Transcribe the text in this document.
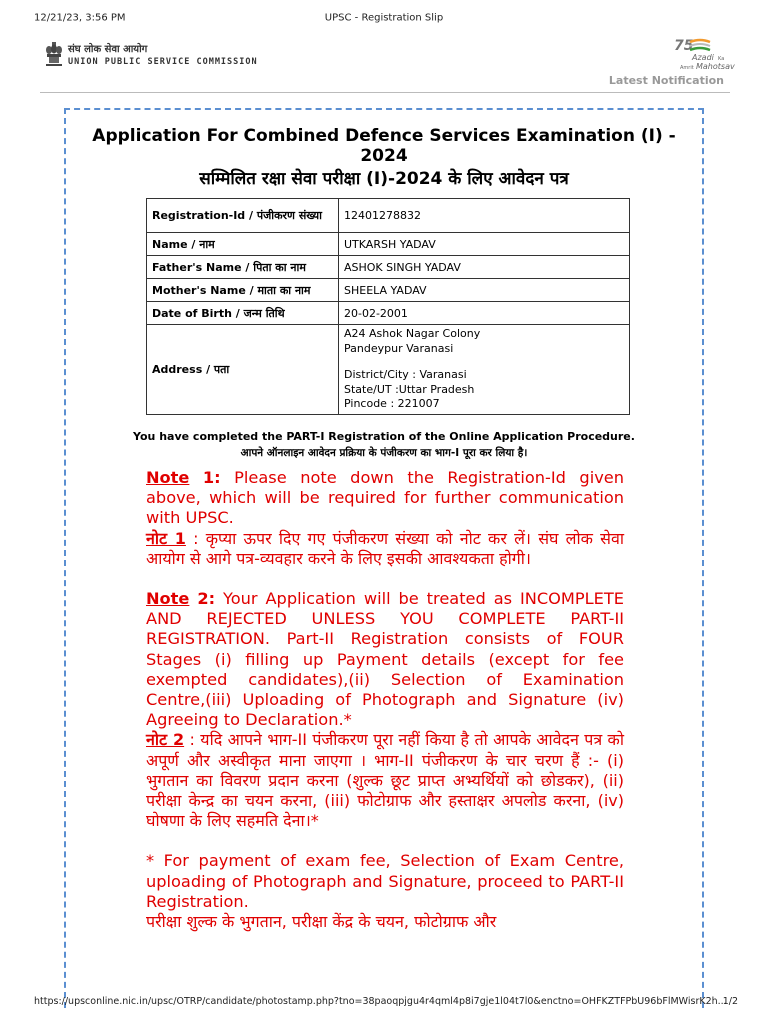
12/21/23, 3:56 PM	UPSC - Registration Slip
संघ लोक सेवा आयोग
UNION PUBLIC SERVICE COMMISSION
75
Azadi Ka
Amrit Mahotsav
Latest Notification
Application For Combined Defence Services Examination (I) - 2024
सम्मिलित रक्षा सेवा परीक्षा (I)-2024 के लिए आवेदन पत्र
Registration-Id / पंजीकरण संख्या	12401278832
Name / नाम	UTKARSH YADAV
Father's Name / पिता का नाम	ASHOK SINGH YADAV
Mother's Name / माता का नाम	SHEELA YADAV
Date of Birth / जन्म तिथि	20-02-2001
Address / पता	A24 Ashok Nagar Colony
Pandeypur Varanasi
District/City : Varanasi
State/UT :Uttar Pradesh
Pincode : 221007
You have completed the PART-I Registration of the Online Application Procedure.
आपने ऑनलाइन आवेदन प्रक्रिया के पंजीकरण का भाग-I पूरा कर लिया है।

Note 1: Please note down the Registration-Id given above, which will be required for further communication with UPSC.

नोट 1 : कृप्या ऊपर दिए गए पंजीकरण संख्या को नोट कर लें। संघ लोक सेवा आयोग से आगे पत्र-व्यवहार करने के लिए इसकी आवश्यकता होगी।

Note 2: Your Application will be treated as INCOMPLETE AND REJECTED UNLESS YOU COMPLETE PART-II REGISTRATION. Part-II Registration consists of FOUR Stages (i) filling up Payment details (except for fee exempted candidates),(ii) Selection of Examination Centre,(iii) Uploading of Photograph and Signature (iv) Agreeing to Declaration.*

नोट 2 : यदि आपने भाग-II पंजीकरण पूरा नहीं किया है तो आपके आवेदन पत्र को अपूर्ण और अस्वीकृत माना जाएगा । भाग-II पंजीकरण के चार चरण हैं :- (i) भुगतान का विवरण प्रदान करना (शुल्क छूट प्राप्त अभ्यर्थियों को छोडकर), (ii) परीक्षा केन्द्र का चयन करना, (iii) फोटोग्राफ और हस्ताक्षर अपलोड करना, (iv) घोषणा के लिए सहमति देना।*

* For payment of exam fee, Selection of Exam Centre, uploading of Photograph and Signature, proceed to PART-II Registration.

परीक्षा शुल्क के भुगतान, परीक्षा केंद्र के चयन, फोटोग्राफ और

https://upsconline.nic.in/upsc/OTRP/candidate/photostamp.php?tno=38paoqpjgu4r4qml4p8i7gje1l04t7l0&enctno=OHFKZTFPbU96bFlMWisrK2h...
1/2
